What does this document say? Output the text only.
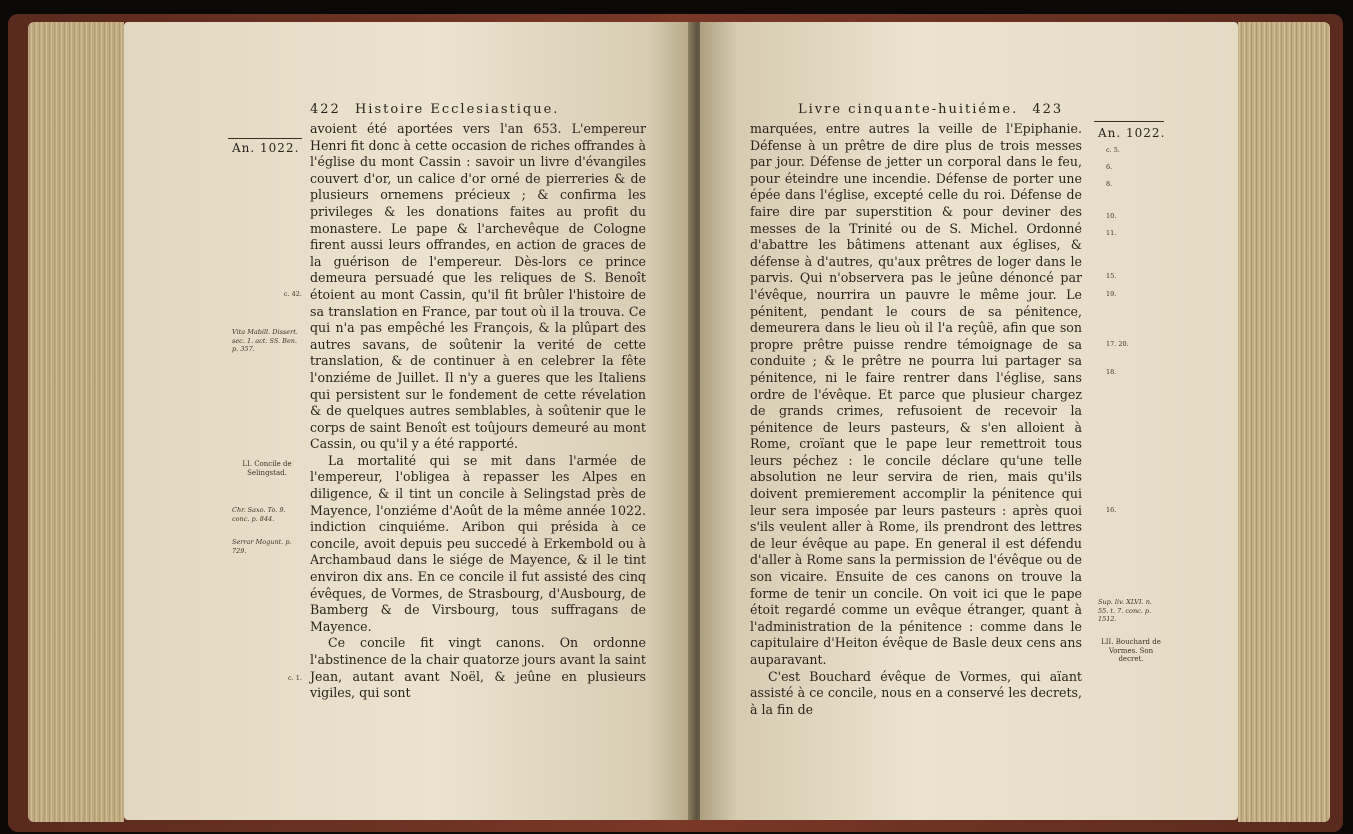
422 Histoire Ecclesiastique.
An. 1022.

avoient été aportées vers l'an 653. L'empereur Henri fit donc à cette occasion de riches offrandes à l'église du mont Cassin : savoir un livre d'évangiles couvert d'or, un calice d'or orné de pierreries & de plusieurs ornemens précieux ; & confirma les privileges & les donations faites au profit du monastere. Le pape & l'archevêque de Cologne firent aussi leurs offrandes, en action de graces de la guérison de l'empereur. Dès-lors ce prince demeura persuadé que les reliques de S. Benoît étoient au mont Cassin, qu'il fit brûler l'histoire de sa translation en France, par tout où il la trouva. Ce qui n'a pas empêché les François, & la plûpart des autres savans, de soûtenir la verité de cette translation, & de continuer à en celebrer la fête l'onziéme de Juillet. Il n'y a gueres que les Italiens qui persistent sur le fondement de cette révelation & de quelques autres semblables, à soûtenir que le corps de saint Benoît est toûjours demeuré au mont Cassin, ou qu'il y a été rapporté.

La mortalité qui se mit dans l'armée de l'empereur, l'obligea à repasser les Alpes en diligence, & il tint un concile à Selingstad près de Mayence, l'onziéme d'Août de la même année 1022. indiction cinquiéme. Aribon qui présida à ce concile, avoit depuis peu succedé à Erkembold ou à Archambaud dans le siége de Mayence, & il le tint environ dix ans. En ce concile il fut assisté des cinq évêques, de Vormes, de Strasbourg, d'Ausbourg, de Bamberg & de Virsbourg, tous suffragans de Mayence.

Ce concile fit vingt canons. On ordonne l'abstinence de la chair quatorze jours avant la saint Jean, autant avant Noël, & jeûne en plusieurs vigiles, qui sont

c. 42.
Vita Mabill. Dissert. sec. 1. act. SS. Ben. p. 357.
LI. Concile de Selingstad.
Chr. Saxo. To. 9. conc. p. 844.
Serrar Mogunt. p. 729.
c. 1.
Livre cinquante-huitiéme. 423
An. 1022.

marquées, entre autres la veille de l'Epiphanie. Défense à un prêtre de dire plus de trois messes par jour. Défense de jetter un corporal dans le feu, pour éteindre une incendie. Défense de porter une épée dans l'église, excepté celle du roi. Défense de faire dire par superstition & pour deviner des messes de la Trinité ou de S. Michel. Ordonné d'abattre les bâtimens attenant aux églises, & défense à d'autres, qu'aux prêtres de loger dans le parvis. Qui n'observera pas le jeûne dénoncé par l'évêque, nourrira un pauvre le même jour. Le pénitent, pendant le cours de sa pénitence, demeurera dans le lieu où il l'a reçûë, afin que son propre prêtre puisse rendre témoignage de sa conduite ; & le prêtre ne pourra lui partager sa pénitence, ni le faire rentrer dans l'église, sans ordre de l'évêque. Et parce que plusieur chargez de grands crimes, refusoient de recevoir la pénitence de leurs pasteurs, & s'en alloient à Rome, croïant que le pape leur remettroit tous leurs péchez : le concile déclare qu'une telle absolution ne leur servira de rien, mais qu'ils doivent premierement accomplir la pénitence qui leur sera imposée par leurs pasteurs : après quoi s'ils veulent aller à Rome, ils prendront des lettres de leur évêque au pape. En general il est défendu d'aller à Rome sans la permission de l'évêque ou de son vicaire. Ensuite de ces canons on trouve la forme de tenir un concile. On voit ici que le pape étoit regardé comme un evêque étranger, quant à l'administration de la pénitence : comme dans le capitulaire d'Heiton évêque de Basle deux cens ans auparavant.

C'est Bouchard évêque de Vormes, qui aïant assisté à ce concile, nous en a conservé les decrets, à la fin de

c. 5.
6.
8.
10.
11.
15.
19.
17. 20.
18.
16.
Sup. liv. XLVI. n. 55. t. 7. conc. p. 1512.
LII. Bouchard de Vormes. Son decret.
